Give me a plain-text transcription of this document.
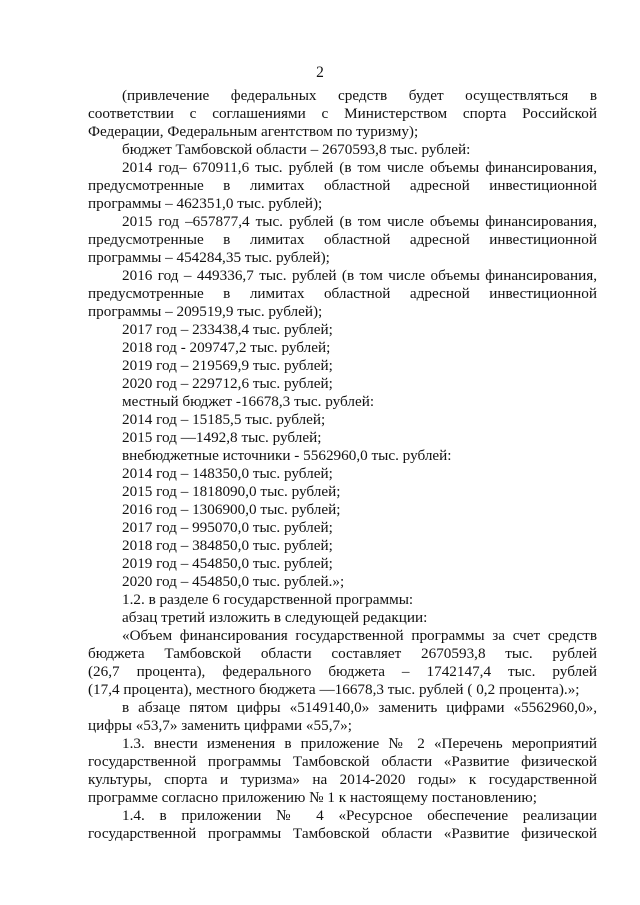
2
(привлечение федеральных средств будет осуществляться в
соответствии с соглашениями с Министерством спорта Российской
Федерации, Федеральным агентством по туризму);
бюджет Тамбовской области – 2670593,8 тыс. рублей:
2014 год– 670911,6 тыс. рублей (в том числе объемы финансирования,
предусмотренные в лимитах областной адресной инвестиционной
программы – 462351,0 тыс. рублей);
2015 год –657877,4 тыс. рублей (в том числе объемы финансирования,
предусмотренные в лимитах областной адресной инвестиционной
программы – 454284,35 тыс. рублей);
2016 год – 449336,7 тыс. рублей (в том числе объемы финансирования,
предусмотренные в лимитах областной адресной инвестиционной
программы – 209519,9 тыс. рублей);
2017 год – 233438,4 тыс. рублей;
2018 год - 209747,2 тыс. рублей;
2019 год – 219569,9 тыс. рублей;
2020 год – 229712,6 тыс. рублей;
местный бюджет -16678,3 тыс. рублей:
2014 год – 15185,5 тыс. рублей;
2015 год —1492,8 тыс. рублей;
внебюджетные источники - 5562960,0 тыс. рублей:
2014 год – 148350,0 тыс. рублей;
2015 год – 1818090,0 тыс. рублей;
2016 год – 1306900,0 тыс. рублей;
2017 год – 995070,0 тыс. рублей;
2018 год – 384850,0 тыс. рублей;
2019 год – 454850,0 тыс. рублей;
2020 год – 454850,0 тыс. рублей.»;
1.2. в разделе 6 государственной программы:
абзац третий изложить в следующей редакции:
«Объем финансирования государственной программы за счет средств
бюджета Тамбовской области составляет 2670593,8 тыс. рублей
(26,7 процента), федерального бюджета – 1742147,4 тыс. рублей
(17,4 процента), местного бюджета —16678,3 тыс. рублей ( 0,2 процента).»;
в абзаце пятом цифры «5149140,0» заменить цифрами «5562960,0»,
цифры «53,7» заменить цифрами «55,7»;
1.3. внести изменения в приложение № 2 «Перечень мероприятий
государственной программы Тамбовской области «Развитие физической
культуры, спорта и туризма» на 2014-2020 годы» к государственной
программе согласно приложению № 1 к настоящему постановлению;
1.4. в приложении № 4 «Ресурсное обеспечение реализации
государственной программы Тамбовской области «Развитие физической
